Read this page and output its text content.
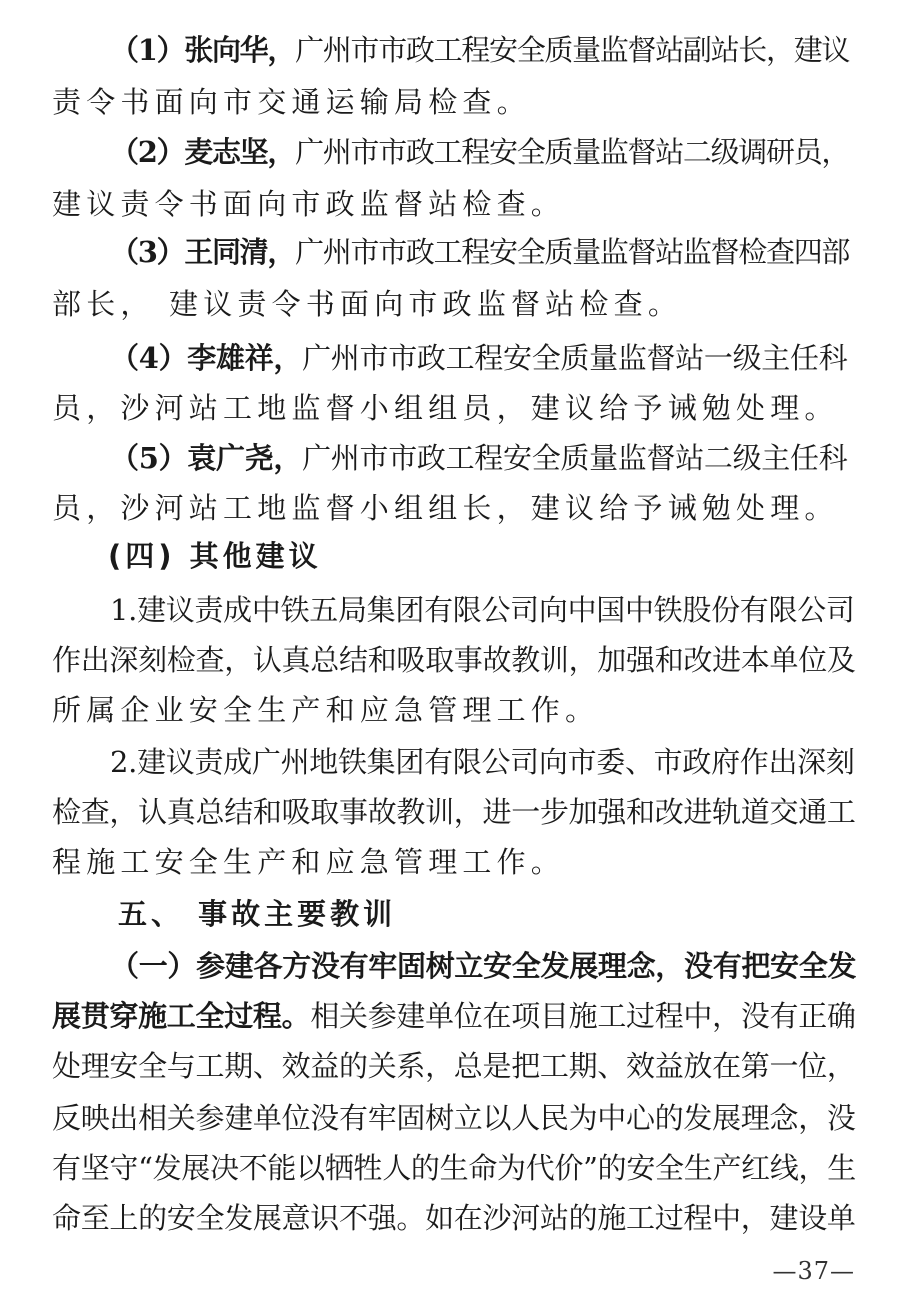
（1）张向华，广州市市政工程安全质量监督站副站长，建议
责令书面向市交通运输局检查。
（2）麦志坚，广州市市政工程安全质量监督站二级调研员，
建议责令书面向市政监督站检查。
（3）王同清，广州市市政工程安全质量监督站监督检查四部
部长， 建议责令书面向市政监督站检查。
（4）李雄祥，广州市市政工程安全质量监督站一级主任科
员，沙河站工地监督小组组员，建议给予诫勉处理。
（5）袁广尧，广州市市政工程安全质量监督站二级主任科
员，沙河站工地监督小组组长，建议给予诫勉处理。
(四) 其他建议
1.建议责成中铁五局集团有限公司向中国中铁股份有限公司
作出深刻检查，认真总结和吸取事故教训，加强和改进本单位及
所属企业安全生产和应急管理工作。
2.建议责成广州地铁集团有限公司向市委、市政府作出深刻
检查，认真总结和吸取事故教训，进一步加强和改进轨道交通工
程施工安全生产和应急管理工作。
五、 事故主要教训
（一）参建各方没有牢固树立安全发展理念，没有把安全发
展贯穿施工全过程。相关参建单位在项目施工过程中，没有正确
处理安全与工期、效益的关系，总是把工期、效益放在第一位，
反映出相关参建单位没有牢固树立以人民为中心的发展理念，没
有坚守“发展决不能以牺牲人的生命为代价”的安全生产红线，生
命至上的安全发展意识不强。如在沙河站的施工过程中，建设单
—37—
